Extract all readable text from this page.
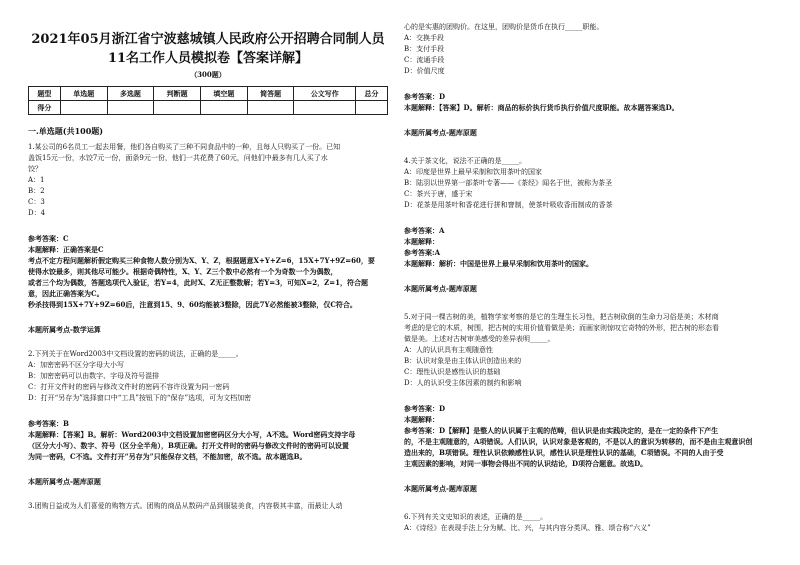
2021年05月浙江省宁波慈城镇人民政府公开招聘合同制人员
11名工作人员模拟卷【答案详解】
（300题）
题型	单选题	多选题	判断题	填空题	简答题	公文写作	总分
得分							
一.单选题(共100题)

1.某公司的6名员工一起去用餐，他们各自购买了三种不同食品中的一种，且每人只购买了一份。已知

盖饭15元一份，水饺7元一份，面条9元一份，他们一共花费了60元，问他们中最多有几人买了水

饺？

A：1

B：2

C：3

D：4

参考答案：C

本题解释：正确答案是C

考点不定方程问题解析假定购买三种食物人数分别为X、Y、Z，根据题意X+Y+Z=6，15X+7Y+9Z=60，要

使得水饺最多，则其他尽可能少。根据奇偶特性，X、Y、Z三个数中必然有一个为奇数一个为偶数，

或者三个均为偶数，答题选项代入验证，若Y=4，此时X、Z无正整数解；若Y=3，可知X=2，Z=1，符合题

意，因此正确答案为C。

秒杀技得到15X+7Y+9Z=60后，注意到15、9、60均能被3整除，因此7Y必然能被3整除，仅C符合。

本题所属考点-数学运算

2.下列关于在Word2003中文档设置的密码的说法，正确的是_____。

A：加密密码不区分字母大小写

B：加密密码可以由数字、字母及符号混排

C：打开文件时的密码与修改文件时的密码不容许设置为同一密码

D：打开“另存为”选择窗口中“工具”按钮下的“保存”选项，可为文档加密

参考答案：B

本题解释：【答案】B。解析：Word2003中文档设置加密密码区分大小写，A不选。Word密码支持字母

（区分大小写）、数字、符号（区分全半角），B项正确。打开文件时的密码与修改文件时的密码可以设置

为同一密码，C不选。文件打开“另存为”只能保存文档，不能加密，故不选。故本题选B。

本题所属考点-题库原题

3.团购日益成为人们喜爱的购物方式。团购的商品从数码产品到服装美食，内容极其丰富，而最让人动

心的是实惠的团购价。在这里，团购价是货币在执行_____职能。

A：交换手段

B：支付手段

C：流通手段

D：价值尺度

参考答案：D

本题解释：【答案】D。解析：商品的标价执行货币执行价值尺度职能。故本题答案选D。

本题所属考点-题库原题

4.关于茶文化，说法不正确的是_____。

A：印度是世界上最早采制和饮用茶叶的国家

B：陆羽以世界第一部茶叶专著——《茶经》闻名于世，被称为茶圣

C：茶兴于唐，盛于宋

D：花茶是用茶叶和香花进行拼和窨制，使茶叶吸收香而制成的香茶

参考答案：A

本题解释：

参考答案:A

本题解释：解析：中国是世界上最早采制和饮用茶叶的国家。

本题所属考点-题库原题

5.对于同一棵古树的美，植物学家考察的是它的生理生长习性，把古树砍倒的生命力习俗是美；木材商

考虑的是它的木质，树围，把古树的实用价值看做是美；而画家则惊叹它奇特的外形，把古树的形态看

做是美。上述对古树审美感受的差异表明_____。

A：人的认识具有主观随意性

B：认识对象是由主体认识创造出来的

C：理性认识是感性认识的基础

D：人的认识受主体因素的制约和影响

参考答案：D

本题解释：

参考答案：D【解释】是整人的认识属于主观的范畴，但认识是由实践决定的，是在一定的条件下产生

的，不是主观随意的，A项错误。人们认识，认识对象是客观的，不是以人的意识为转移的，而不是由主观意识创

造出来的，B项错误。理性认识依赖感性认识，感性认识是理性认识的基础，C项错误。不同的人由于受

主观因素的影响，对同一事物会得出不同的认识结论，D项符合题意。故选D。

本题所属考点-题库原题

6.下列有关文史知识的表述，正确的是_____。

A：《诗经》在表现手法上分为赋、比、兴，与其内容分类风、雅、颂合称“六义”
